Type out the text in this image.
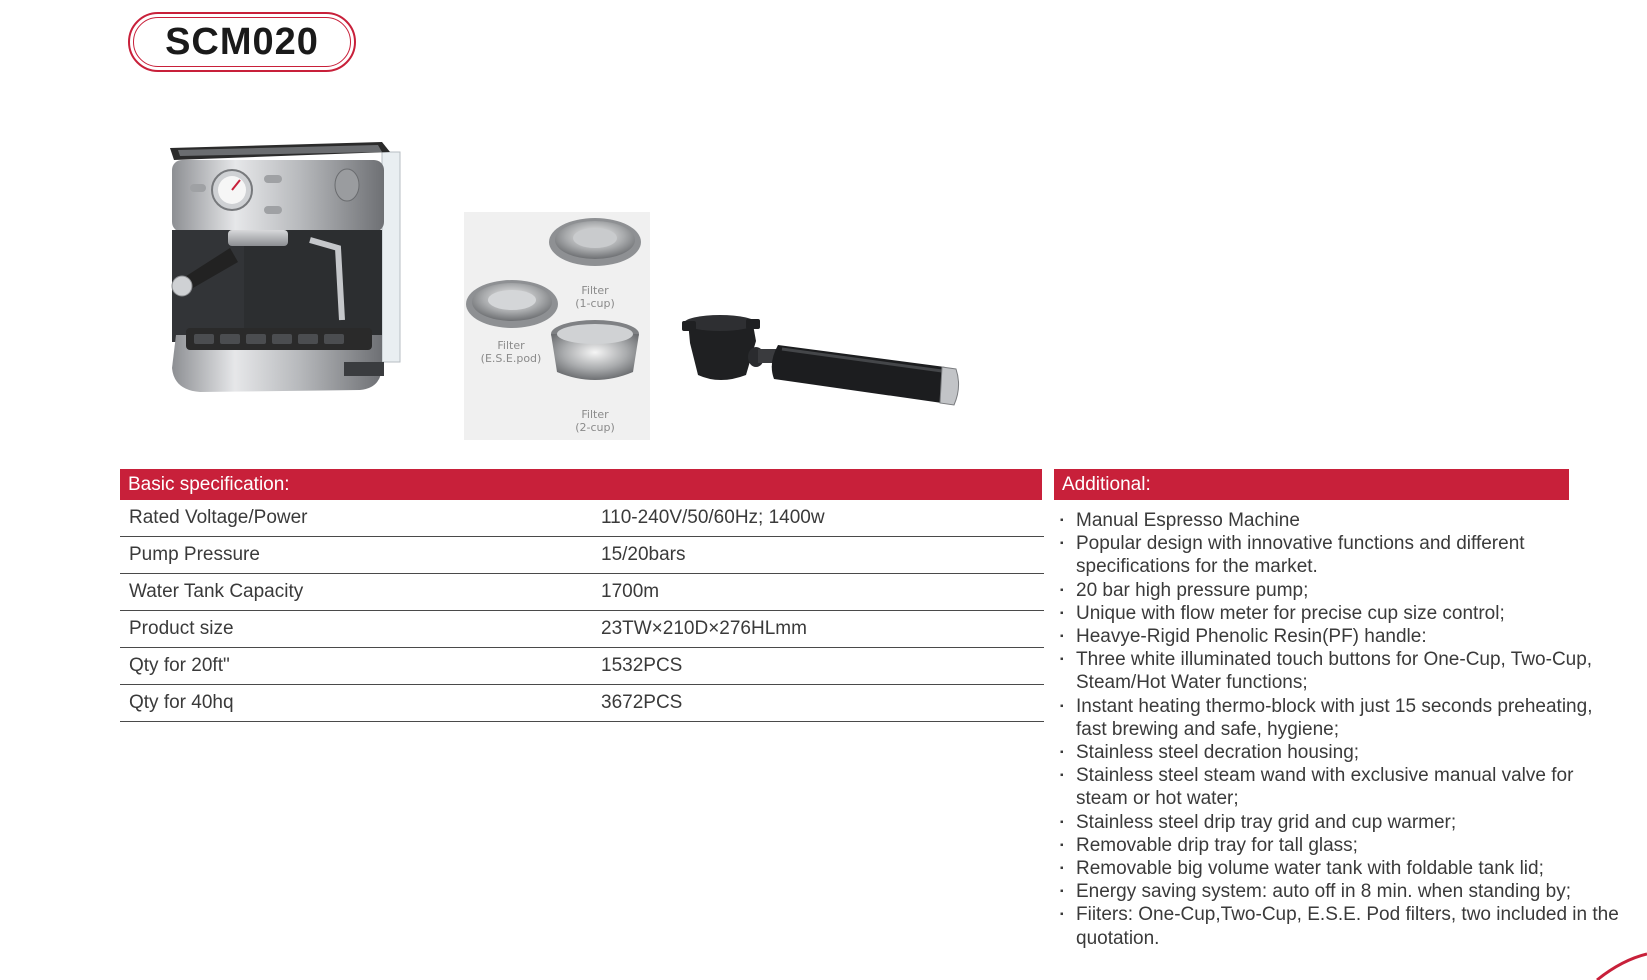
SCM020
Filter
(1-cup)
Filter
(E.S.E.pod)
Filter
(2-cup)
Basic specification:	Additional:
Rated Voltage/Power	110-240V/50/60Hz; 1400w
Pump Pressure	15/20bars
Water Tank Capacity	1700m
Product size	23TW×210D×276HLmm
Qty for 20ft"	1532PCS
Qty for 40hq	3672PCS
▪ Manual Espresso Machine
▪ Popular design with innovative functions and different specifications for the market.
▪ 20 bar high pressure pump;
▪ Unique with flow meter for precise cup size control;
▪ Heavye-Rigid Phenolic Resin(PF) handle:
▪ Three white illuminated touch buttons for One-Cup, Two-Cup, Steam/Hot Water functions;
▪ Instant heating thermo-block with just 15 seconds preheating, fast brewing and safe, hygiene;
▪ Stainless steel decration housing;
▪ Stainless steel steam wand with exclusive manual valve for steam or hot water;
▪ Stainless steel drip tray grid and cup warmer;
▪ Removable drip tray for tall glass;
▪ Removable big volume water tank with foldable tank lid;
▪ Energy saving system: auto off in 8 min. when standing by;
▪ Fiiters: One-Cup,Two-Cup, E.S.E. Pod filters, two included in the quotation.
